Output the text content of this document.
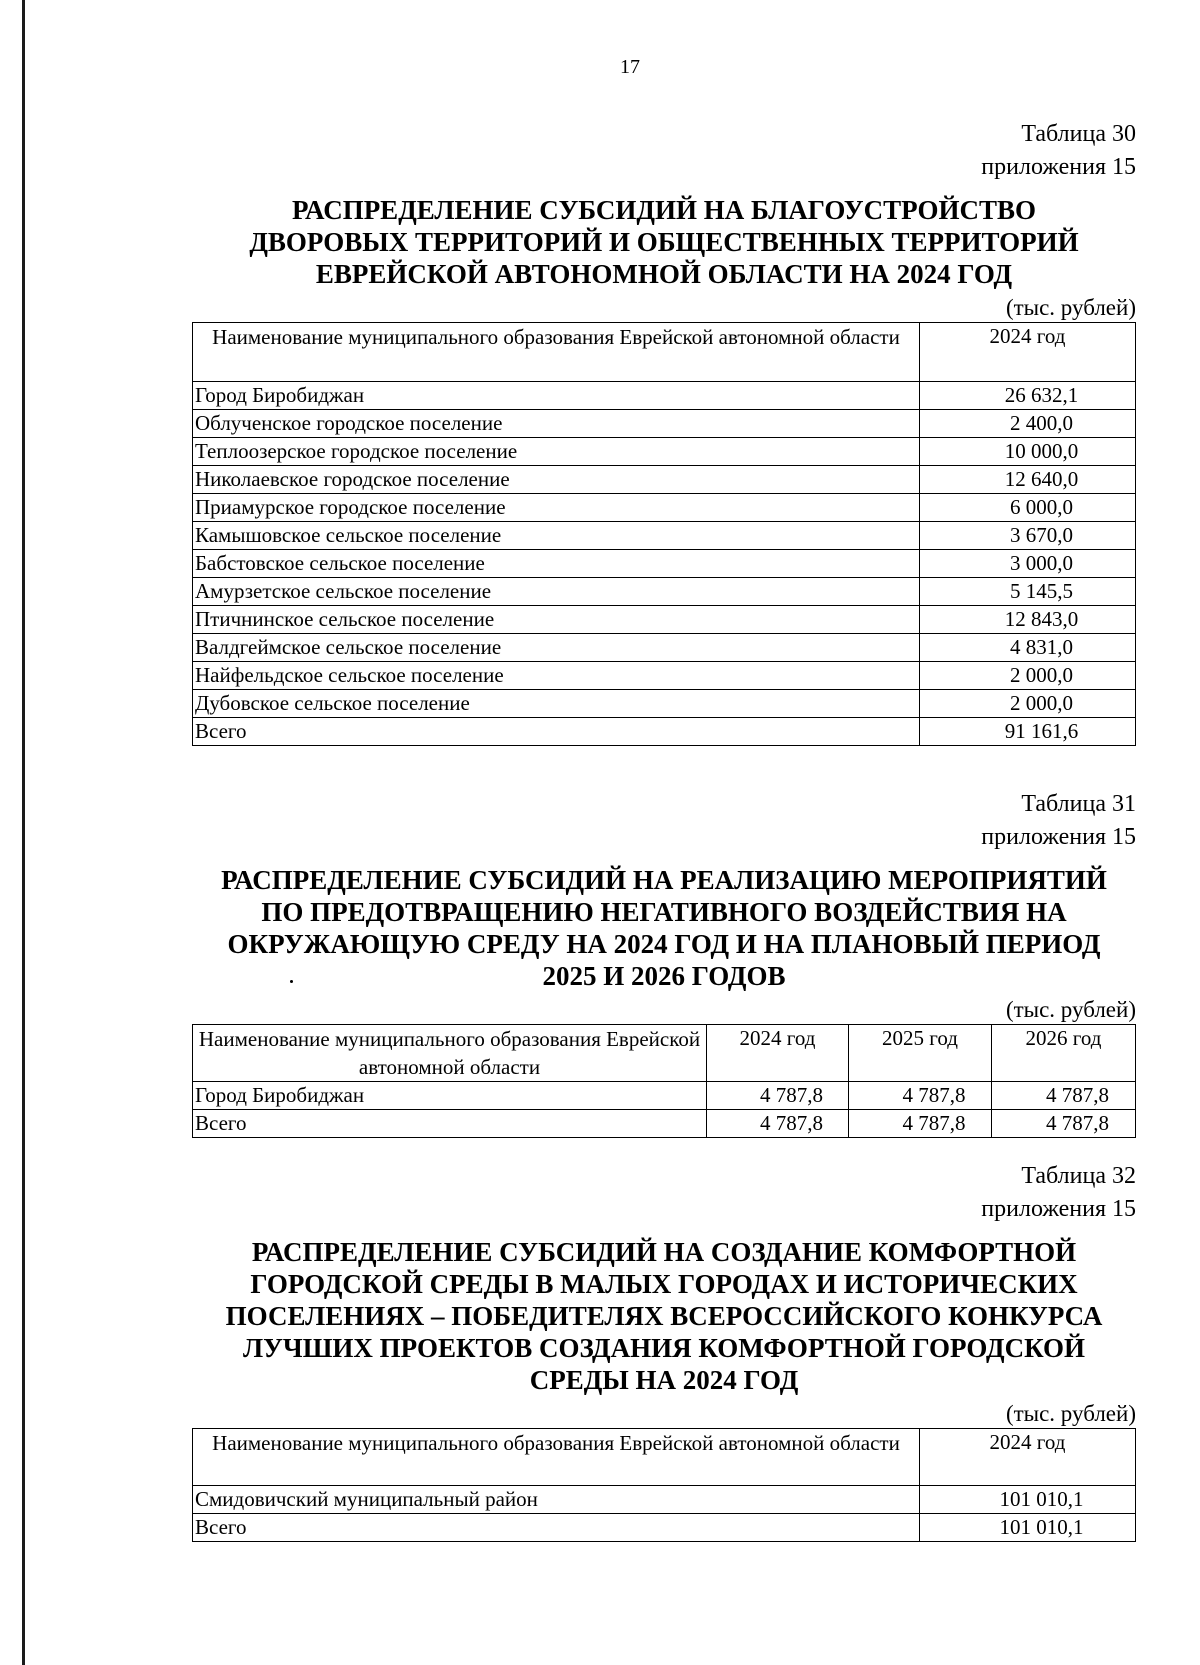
17
Таблица 30
приложения 15
РАСПРЕДЕЛЕНИЕ СУБСИДИЙ НА БЛАГОУСТРОЙСТВО ДВОРОВЫХ ТЕРРИТОРИЙ И ОБЩЕСТВЕННЫХ ТЕРРИТОРИЙ ЕВРЕЙСКОЙ АВТОНОМНОЙ ОБЛАСТИ НА 2024 ГОД
(тыс. рублей)
Наименование муниципального образования Еврейской автономной области	2024 год
Город Биробиджан	26 632,1
Облученское городское поселение	2 400,0
Теплоозерское городское поселение	10 000,0
Николаевское городское поселение	12 640,0
Приамурское городское поселение	6 000,0
Камышовское сельское поселение	3 670,0
Бабстовское сельское поселение	3 000,0
Амурзетское сельское поселение	5 145,5
Птичнинское сельское поселение	12 843,0
Валдгеймское сельское поселение	4 831,0
Найфельдское сельское поселение	2 000,0
Дубовское сельское поселение	2 000,0
Всего	91 161,6
Таблица 31
приложения 15
РАСПРЕДЕЛЕНИЕ СУБСИДИЙ НА РЕАЛИЗАЦИЮ МЕРОПРИЯТИЙ ПО ПРЕДОТВРАЩЕНИЮ НЕГАТИВНОГО ВОЗДЕЙСТВИЯ НА ОКРУЖАЮЩУЮ СРЕДУ НА 2024 ГОД И НА ПЛАНОВЫЙ ПЕРИОД 2025 И 2026 ГОДОВ
(тыс. рублей)
Наименование муниципального образования Еврейской автономной области	2024 год	2025 год	2026 год
Город Биробиджан	4 787,8	4 787,8	4 787,8
Всего	4 787,8	4 787,8	4 787,8
Таблица 32
приложения 15
РАСПРЕДЕЛЕНИЕ СУБСИДИЙ НА СОЗДАНИЕ КОМФОРТНОЙ ГОРОДСКОЙ СРЕДЫ В МАЛЫХ ГОРОДАХ И ИСТОРИЧЕСКИХ ПОСЕЛЕНИЯХ – ПОБЕДИТЕЛЯХ ВСЕРОССИЙСКОГО КОНКУРСА ЛУЧШИХ ПРОЕКТОВ СОЗДАНИЯ КОМФОРТНОЙ ГОРОДСКОЙ СРЕДЫ НА 2024 ГОД
(тыс. рублей)
Наименование муниципального образования Еврейской автономной области	2024 год
Смидовичский муниципальный район	101 010,1
Всего	101 010,1
